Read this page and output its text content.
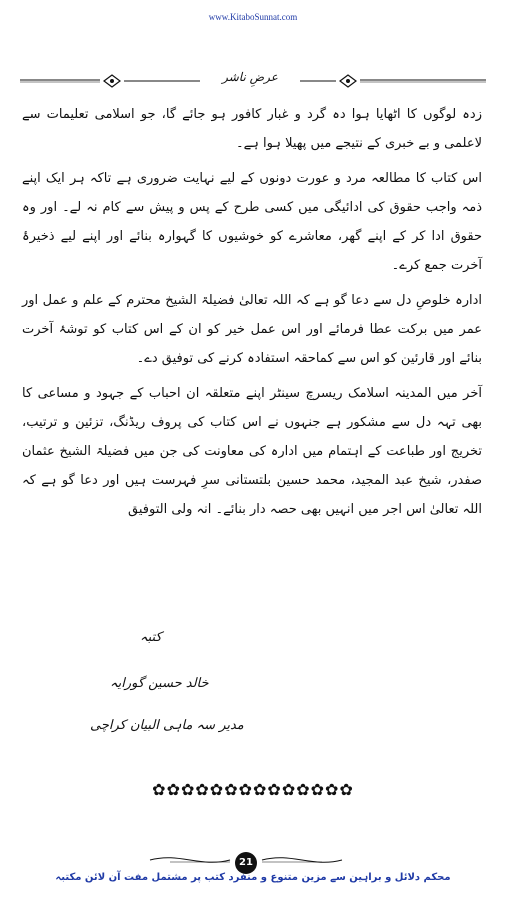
www.KitaboSunnat.com
عرضِ ناشر

زدہ لوگوں کا اٹھایا ہوا دہ گرد و غبار کافور ہو جائے گا، جو اسلامی تعلیمات سے لاعلمی و بے خبری کے نتیجے میں پھیلا ہوا ہے۔

اس کتاب کا مطالعہ مرد و عورت دونوں کے لیے نہایت ضروری ہے تاکہ ہر ایک اپنے ذمہ واجب حقوق کی ادائیگی میں کسی طرح کے پس و پیش سے کام نہ لے۔ اور وہ حقوق ادا کر کے اپنے گھر، معاشرے کو خوشیوں کا گہوارہ بنائے اور اپنے لیے ذخیرۂ آخرت جمع کرے۔

ادارہ خلوصِ دل سے دعا گو ہے کہ اللہ تعالیٰ فضیلۃ الشیخ محترم کے علم و عمل اور عمر میں برکت عطا فرمائے اور اس عمل خیر کو ان کے اس کتاب کو توشۂ آخرت بنائے اور قارئین کو اس سے کماحقہ استفادہ کرنے کی توفیق دے۔

آخر میں المدینہ اسلامک ریسرچ سینٹر اپنے متعلقہ ان احباب کے جہود و مساعی کا بھی تہہ دل سے مشکور ہے جنہوں نے اس کتاب کی پروف ریڈنگ، تزئین و ترتیب، تخریج اور طباعت کے اہتمام میں ادارہ کی معاونت کی جن میں فضیلۃ الشیخ عثمان صفدر، شیخ عبد المجید، محمد حسین بلتستانی سرِ فہرست ہیں اور دعا گو ہے کہ اللہ تعالیٰ اس اجر میں انہیں بھی حصہ دار بنائے۔ انہ ولی التوفیق

کتبہ
خالد حسین گورایہ
مدیر سہ ماہی البیان کراچی
✿✿✿✿✿✿✿✿✿✿✿✿✿✿
21
محکم دلائل و براہین سے مزین متنوع و منفرد کتب پر مشتمل مفت آن لائن مکتبہ
